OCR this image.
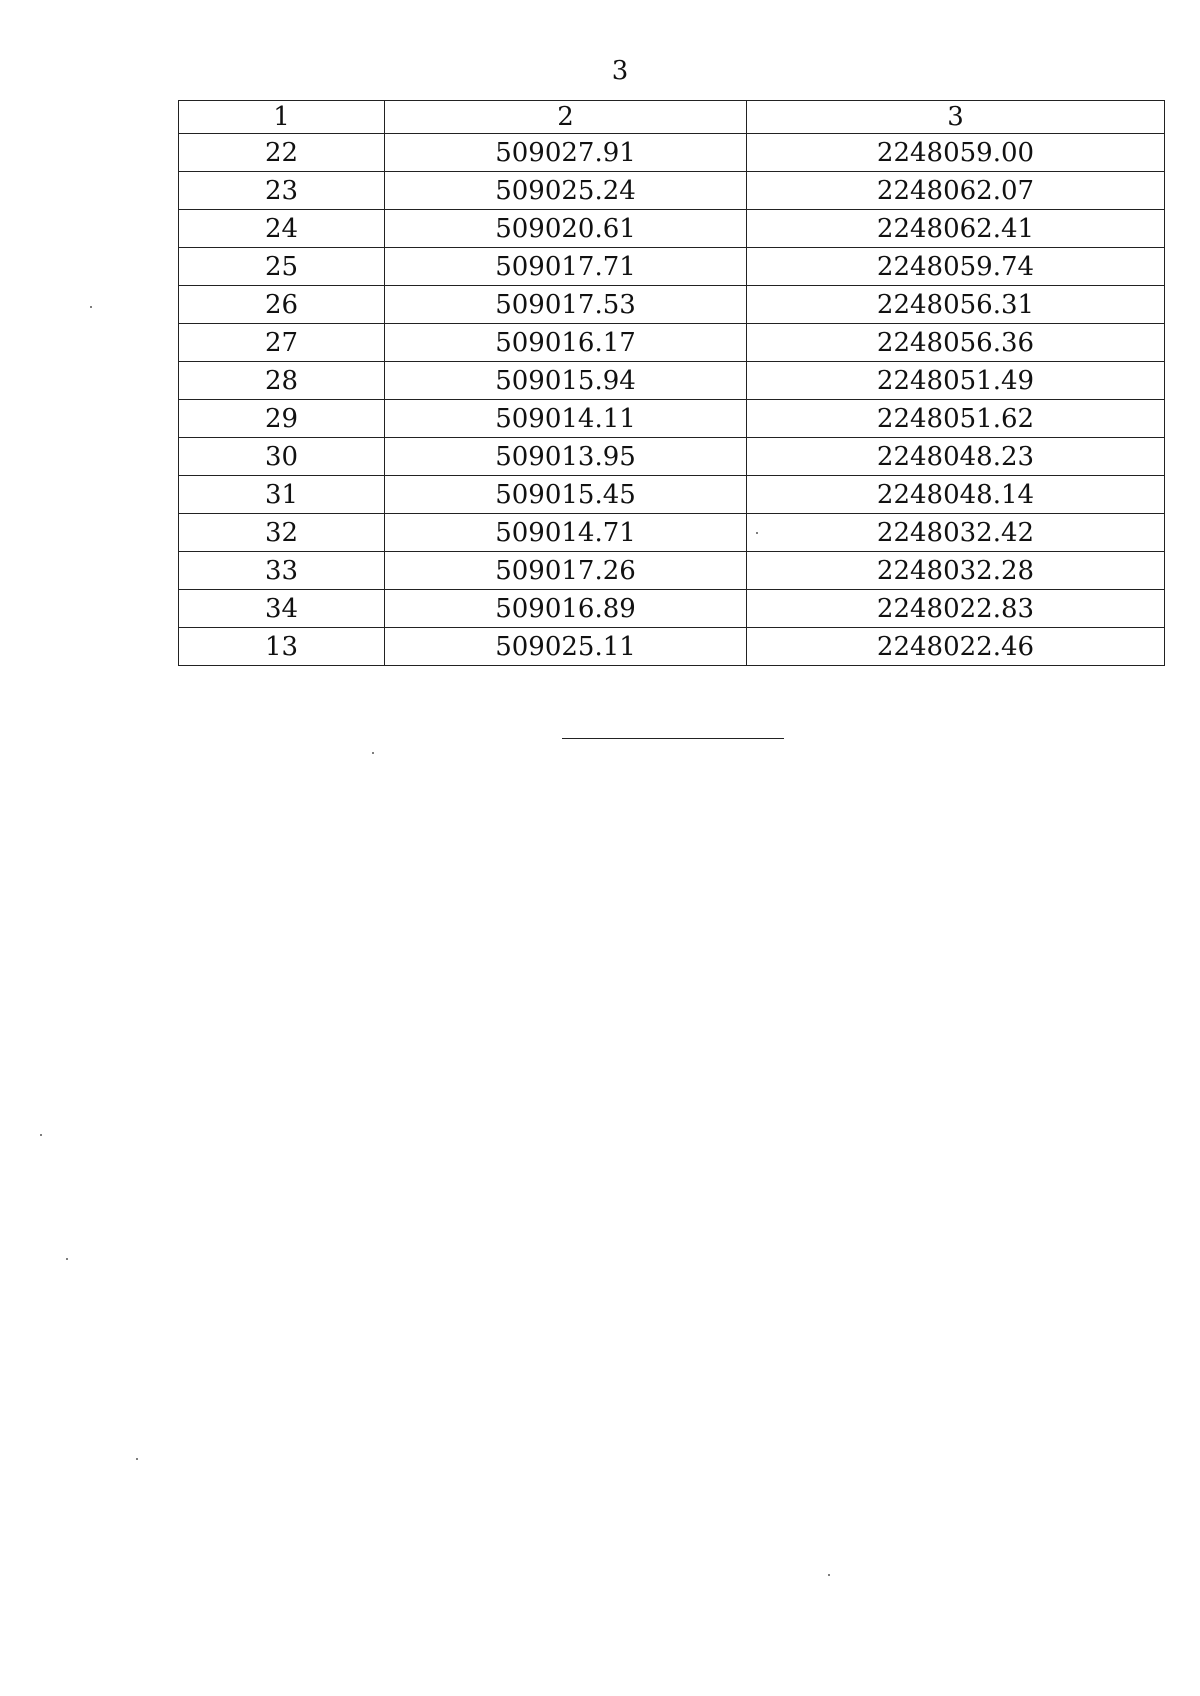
3
1	2	3
22	509027.91	2248059.00
23	509025.24	2248062.07
24	509020.61	2248062.41
25	509017.71	2248059.74
26	509017.53	2248056.31
27	509016.17	2248056.36
28	509015.94	2248051.49
29	509014.11	2248051.62
30	509013.95	2248048.23
31	509015.45	2248048.14
32	509014.71	2248032.42
33	509017.26	2248032.28
34	509016.89	2248022.83
13	509025.11	2248022.46
